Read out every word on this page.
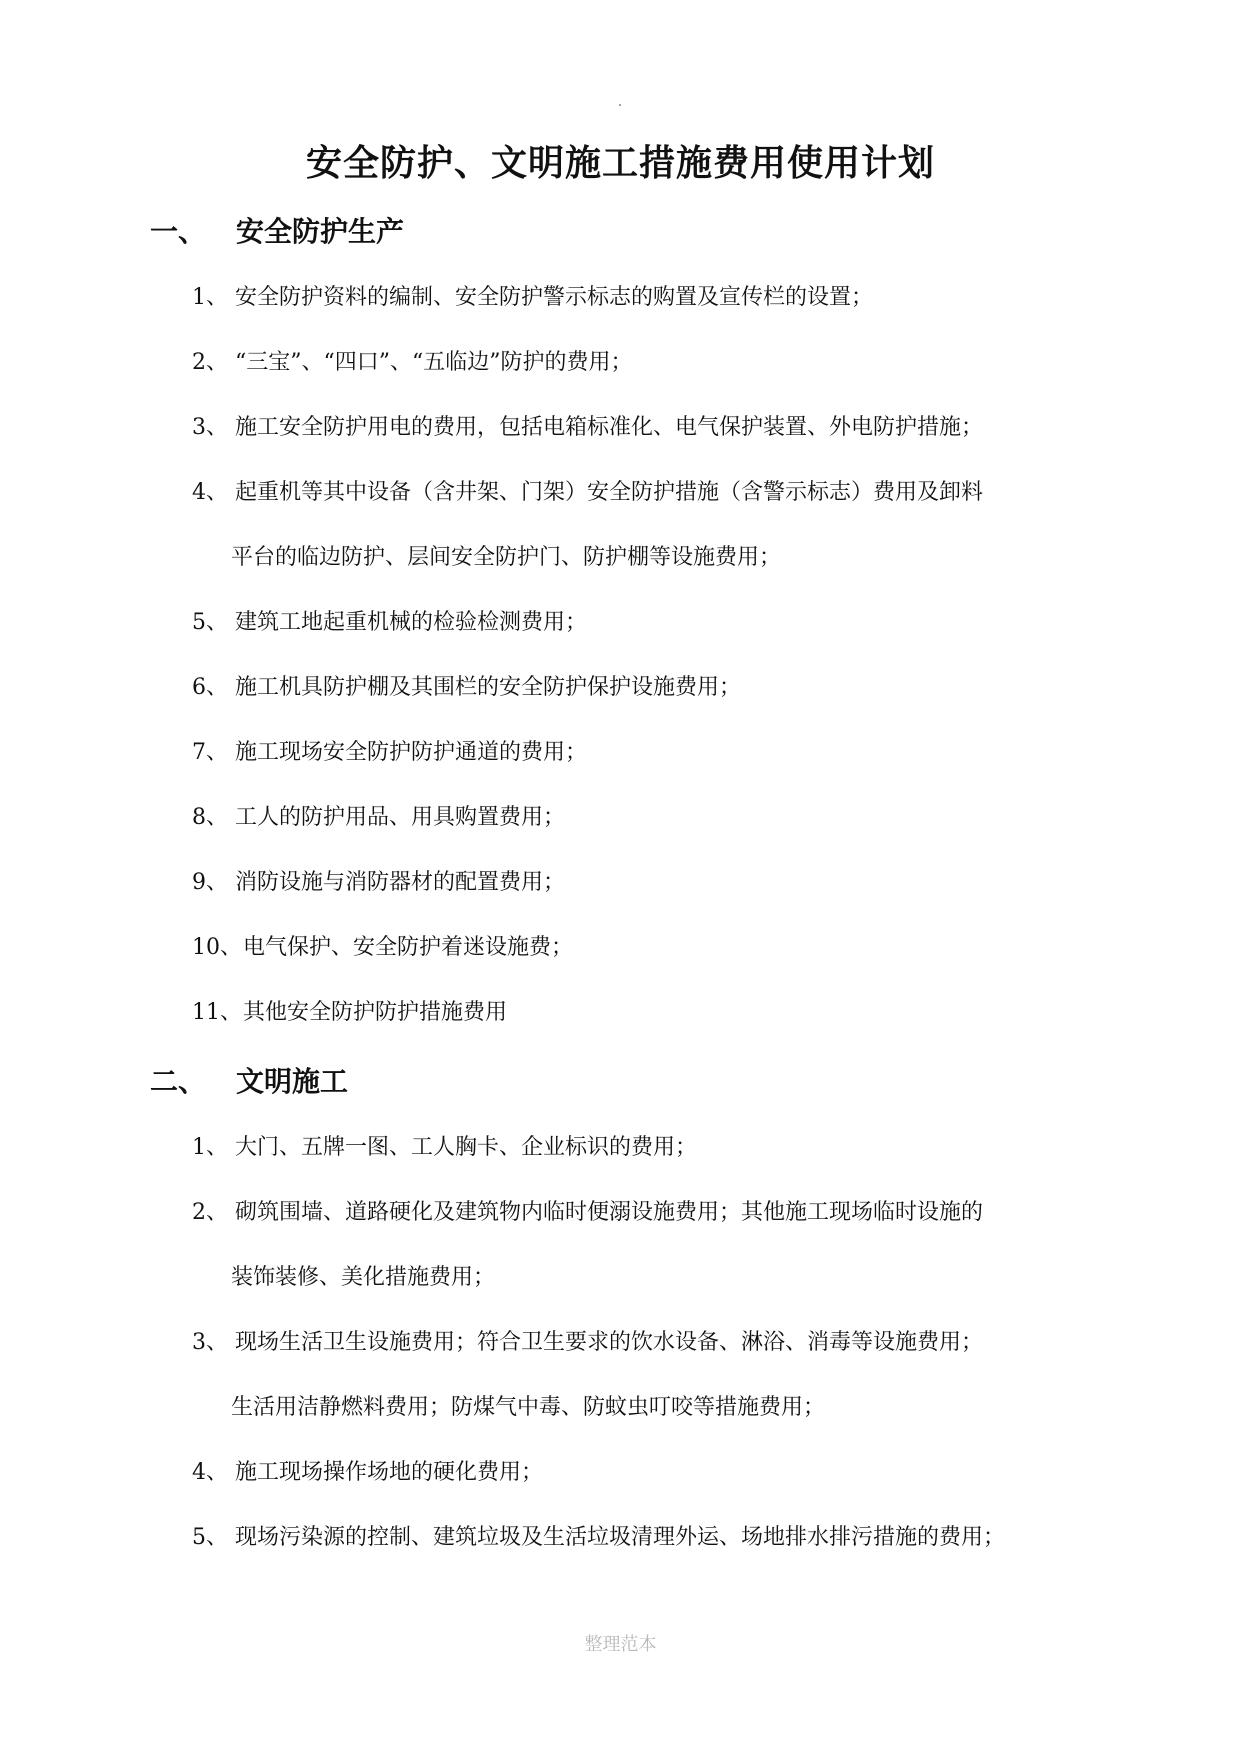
安全防护、文明施工措施费用使用计划
一、 安全防护生产
1、 安全防护资料的编制、安全防护警示标志的购置及宣传栏的设置；
2、 “三宝”、“四口”、“五临边”防护的费用；
3、 施工安全防护用电的费用，包括电箱标准化、电气保护装置、外电防护措施；
4、 起重机等其中设备（含井架、门架）安全防护措施（含警示标志）费用及卸料
平台的临边防护、层间安全防护门、防护棚等设施费用；
5、 建筑工地起重机械的检验检测费用；
6、 施工机具防护棚及其围栏的安全防护保护设施费用；
7、 施工现场安全防护防护通道的费用；
8、 工人的防护用品、用具购置费用；
9、 消防设施与消防器材的配置费用；
10、 电气保护、安全防护着迷设施费；
11、 其他安全防护防护措施费用
二、 文明施工
1、 大门、五牌一图、工人胸卡、企业标识的费用；
2、 砌筑围墙、道路硬化及建筑物内临时便溺设施费用；其他施工现场临时设施的
装饰装修、美化措施费用；
3、 现场生活卫生设施费用；符合卫生要求的饮水设备、淋浴、消毒等设施费用；
生活用洁静燃料费用；防煤气中毒、防蚊虫叮咬等措施费用；
4、 施工现场操作场地的硬化费用；
5、 现场污染源的控制、建筑垃圾及生活垃圾清理外运、场地排水排污措施的费用；
整理范本
